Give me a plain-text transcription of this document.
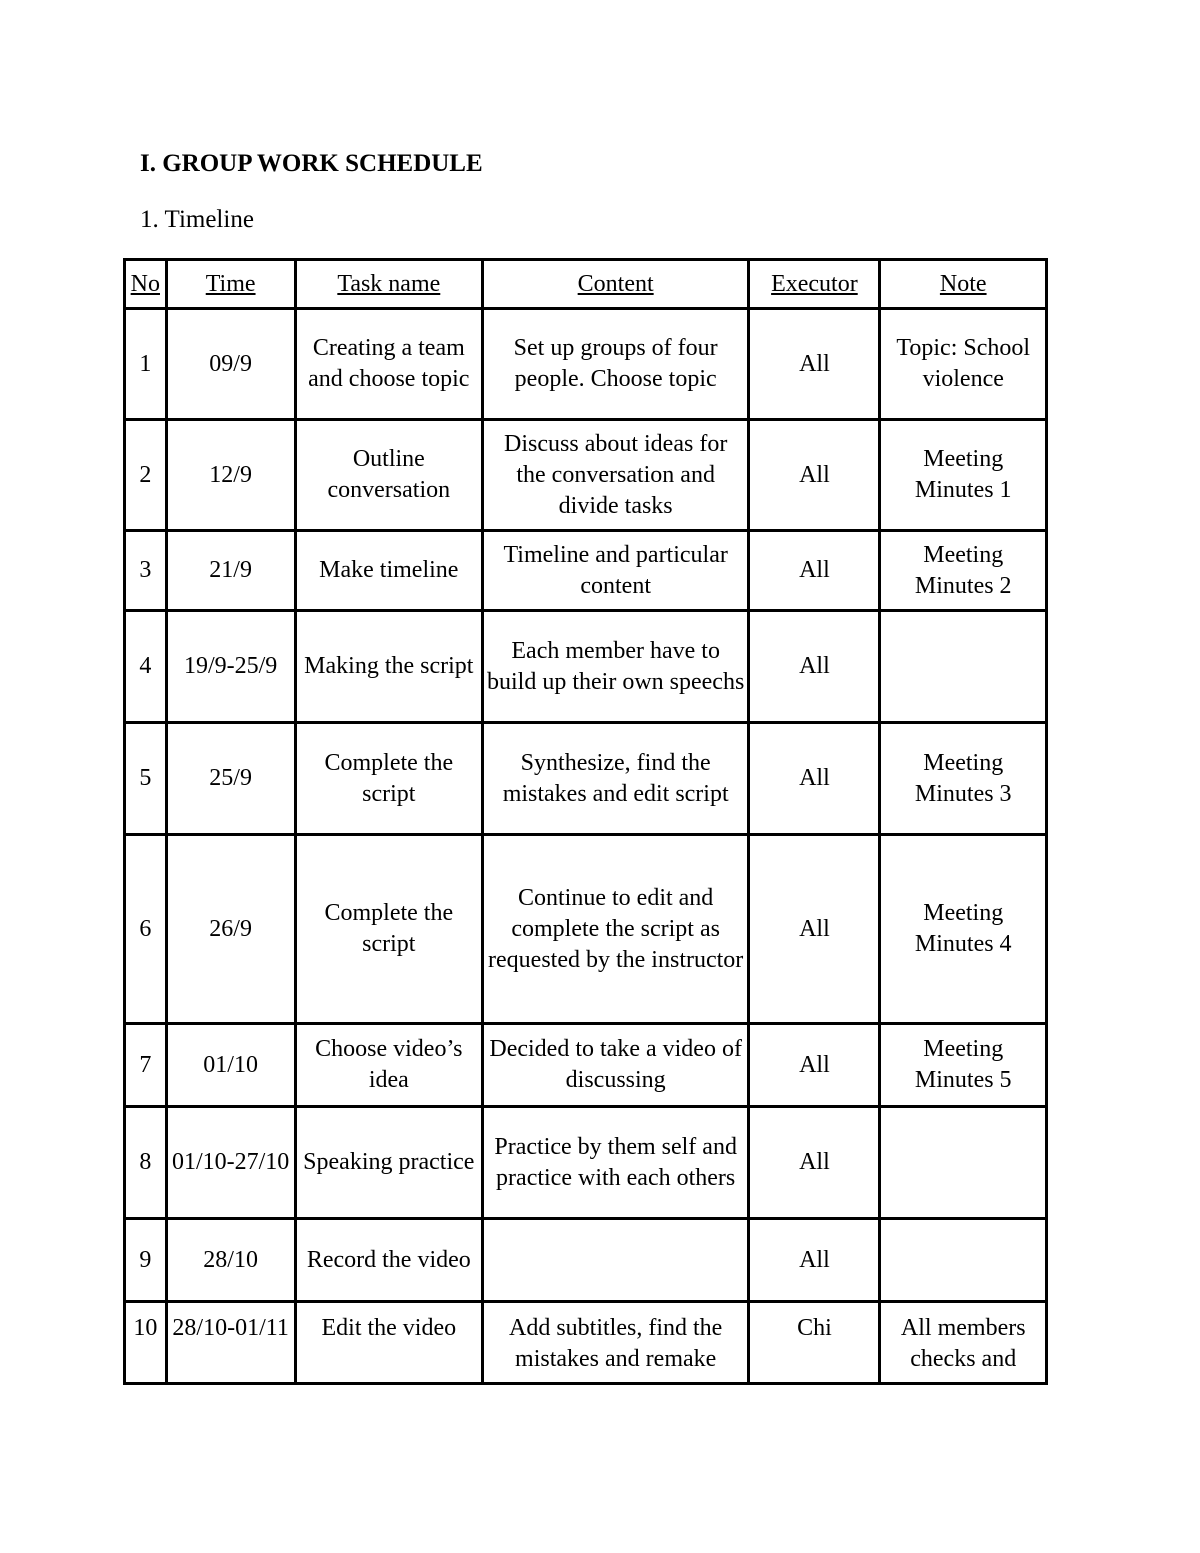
I. GROUP WORK SCHEDULE

1. Timeline

No	Time	Task name	Content	Executor	Note
1	09/9	Creating a team and choose topic	Set up groups of four people. Choose topic	All	Topic: School violence
2	12/9	Outline conversation	Discuss about ideas for the conversation and divide tasks	All	Meeting Minutes 1
3	21/9	Make timeline	Timeline and particular content	All	Meeting Minutes 2
4	19/9-25/9	Making the script	Each member have to build up their own speechs	All	
5	25/9	Complete the script	Synthesize, find the mistakes and edit script	All	Meeting Minutes 3
6	26/9	Complete the script	Continue to edit and complete the script as requested by the instructor	All	Meeting Minutes 4
7	01/10	Choose video’s idea	Decided to take a video of discussing	All	Meeting Minutes 5
8	01/10-27/10	Speaking practice	Practice by them self and practice with each others	All	
9	28/10	Record the video		All	
10	28/10-01/11	Edit the video	Add subtitles, find the mistakes and remake	Chi	All members checks and
